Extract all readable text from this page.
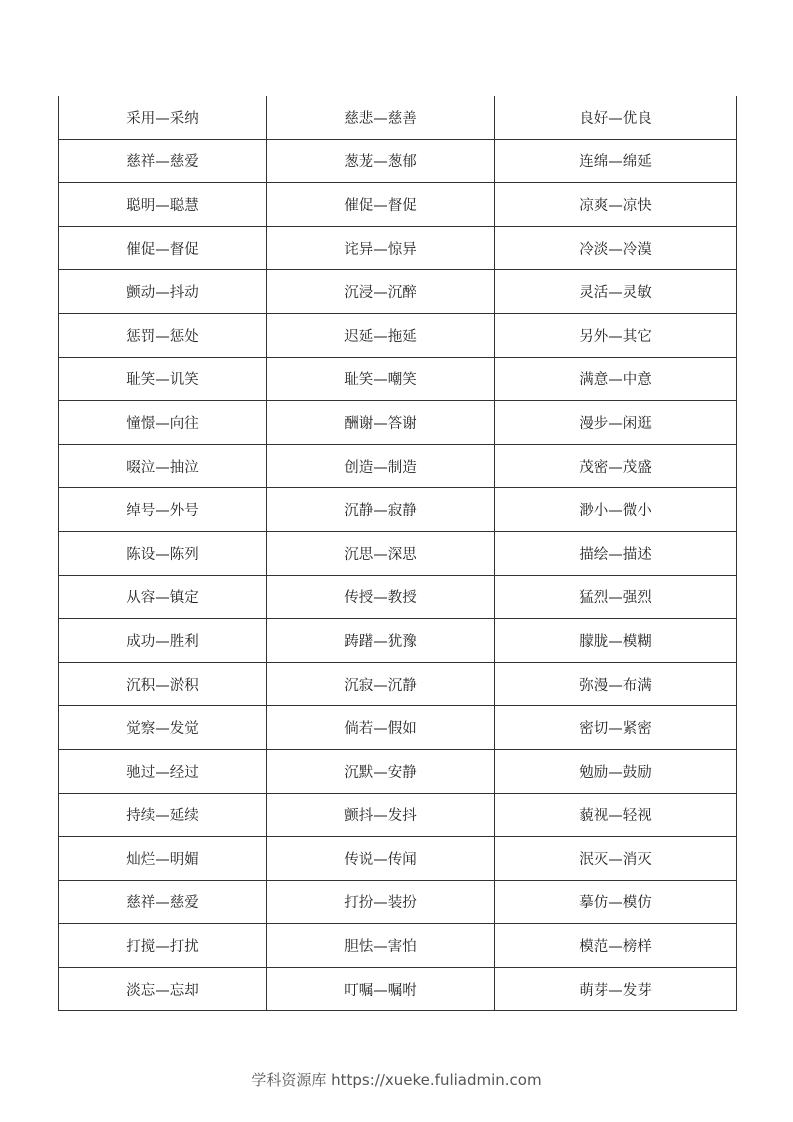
采用—采纳	慈悲—慈善	良好—优良
慈祥—慈爱	葱茏—葱郁	连绵—绵延
聪明—聪慧	催促—督促	凉爽—凉快
催促—督促	诧异—惊异	冷淡—冷漠
颤动—抖动	沉浸—沉醉	灵活—灵敏
惩罚—惩处	迟延—拖延	另外—其它
耻笑—讥笑	耻笑—嘲笑	满意—中意
憧憬—向往	酬谢—答谢	漫步—闲逛
啜泣—抽泣	创造—制造	茂密—茂盛
绰号—外号	沉静—寂静	渺小—微小
陈设—陈列	沉思—深思	描绘—描述
从容—镇定	传授—教授	猛烈—强烈
成功—胜利	踌躇—犹豫	朦胧—模糊
沉积—淤积	沉寂—沉静	弥漫—布满
觉察—发觉	倘若—假如	密切—紧密
驰过—经过	沉默—安静	勉励—鼓励
持续—延续	颤抖—发抖	藐视—轻视
灿烂—明媚	传说—传闻	泯灭—消灭
慈祥—慈爱	打扮—装扮	摹仿—模仿
打搅—打扰	胆怯—害怕	模范—榜样
淡忘—忘却	叮嘱—嘱咐	萌芽—发芽
学科资源库 https://xueke.fuliadmin.com
